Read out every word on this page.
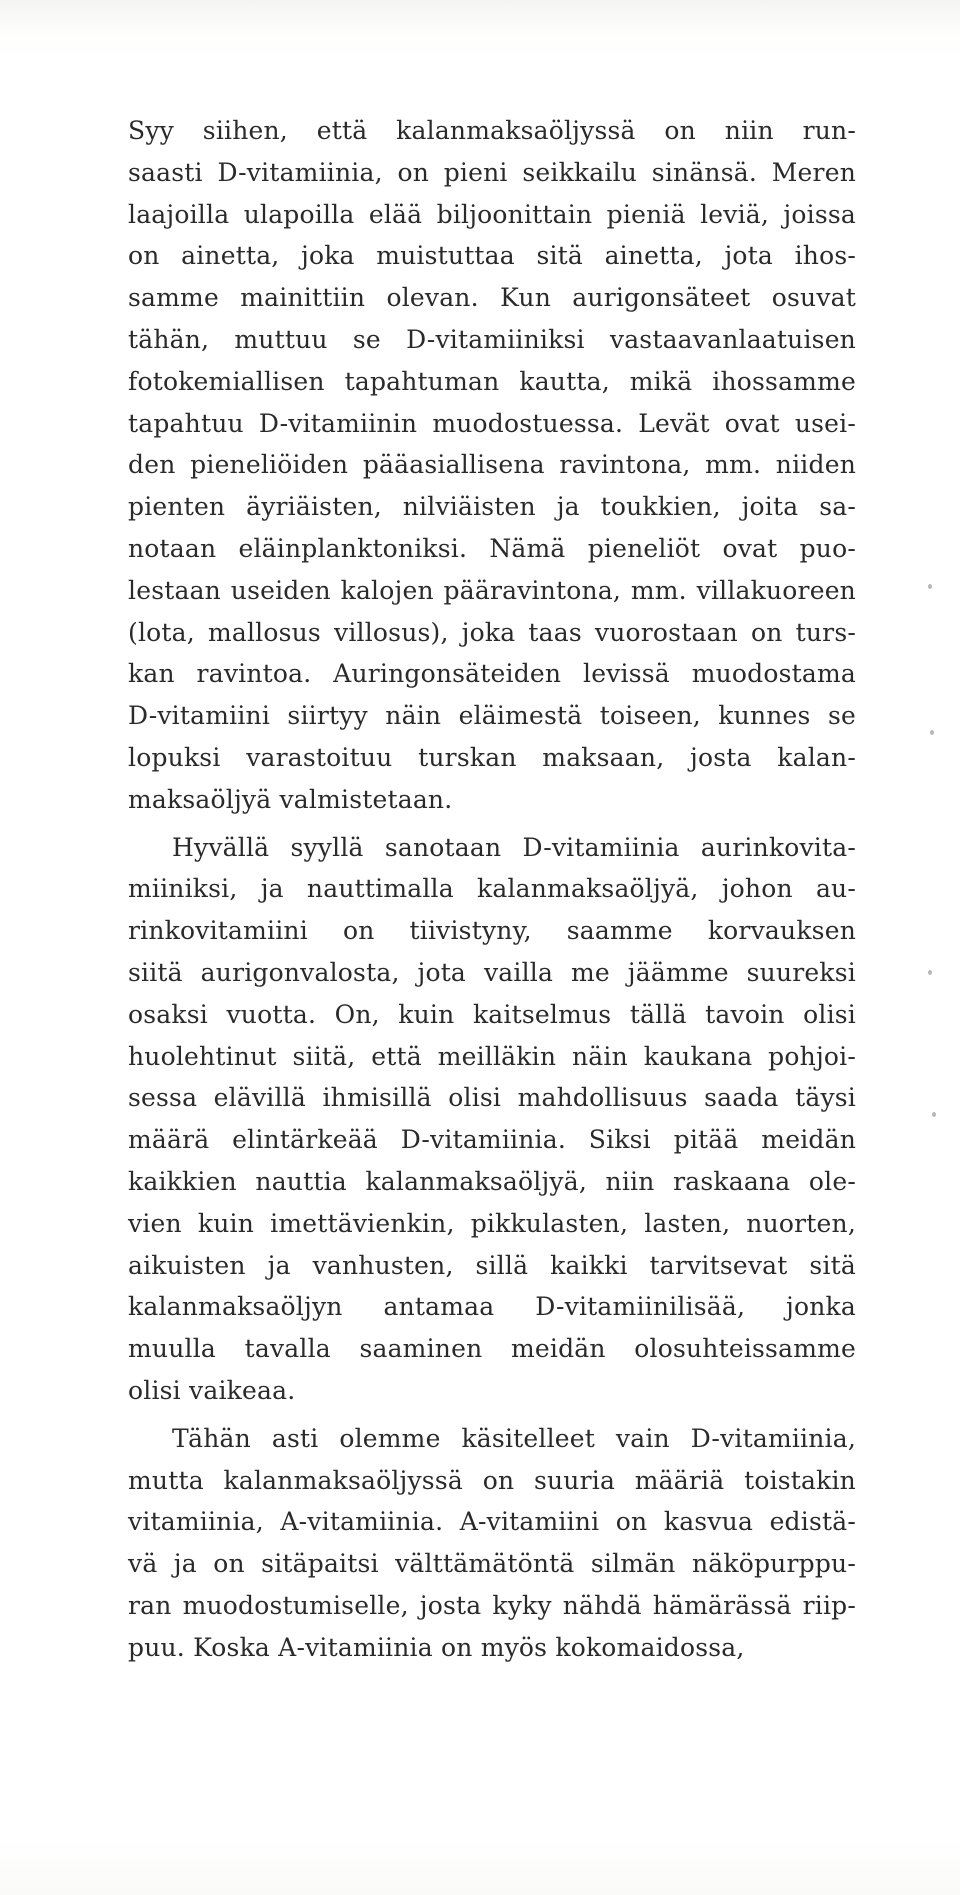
Syy siihen, että kalanmaksaöljyssä on niin run-
saasti D-vitamiinia, on pieni seikkailu sinänsä. Meren
laajoilla ulapoilla elää biljoonittain pieniä leviä, joissa
on ainetta, joka muistuttaa sitä ainetta, jota ihos-
samme mainittiin olevan. Kun aurigonsäteet osuvat
tähän, muttuu se D-vitamiiniksi vastaavanlaatuisen
fotokemiallisen tapahtuman kautta, mikä ihossamme
tapahtuu D-vitamiinin muodostuessa. Levät ovat usei-
den pieneliöiden pääasiallisena ravintona, mm. niiden
pienten äyriäisten, nilviäisten ja toukkien, joita sa-
notaan eläinplanktoniksi. Nämä pieneliöt ovat puo-
lestaan useiden kalojen pääravintona, mm. villakuoreen
(lota, mallosus villosus), joka taas vuorostaan on turs-
kan ravintoa. Auringonsäteiden levissä muodostama
D-vitamiini siirtyy näin eläimestä toiseen, kunnes se
lopuksi varastoituu turskan maksaan, josta kalan-
maksaöljyä valmistetaan.
Hyvällä syyllä sanotaan D-vitamiinia aurinkovita-
miiniksi, ja nauttimalla kalanmaksaöljyä, johon au-
rinkovitamiini on tiivistyny, saamme korvauksen
siitä aurigonvalosta, jota vailla me jäämme suureksi
osaksi vuotta. On, kuin kaitselmus tällä tavoin olisi
huolehtinut siitä, että meilläkin näin kaukana pohjoi-
sessa elävillä ihmisillä olisi mahdollisuus saada täysi
määrä elintärkeää D-vitamiinia. Siksi pitää meidän
kaikkien nauttia kalanmaksaöljyä, niin raskaana ole-
vien kuin imettävienkin, pikkulasten, lasten, nuorten,
aikuisten ja vanhusten, sillä kaikki tarvitsevat sitä
kalanmaksaöljyn antamaa D-vitamiinilisää, jonka
muulla tavalla saaminen meidän olosuhteissamme
olisi vaikeaa.
Tähän asti olemme käsitelleet vain D-vitamiinia,
mutta kalanmaksaöljyssä on suuria määriä toistakin
vitamiinia, A-vitamiinia. A-vitamiini on kasvua edistä-
vä ja on sitäpaitsi välttämätöntä silmän näköpurppu-
ran muodostumiselle, josta kyky nähdä hämärässä riip-
puu. Koska A-vitamiinia on myös kokomaidossa,
